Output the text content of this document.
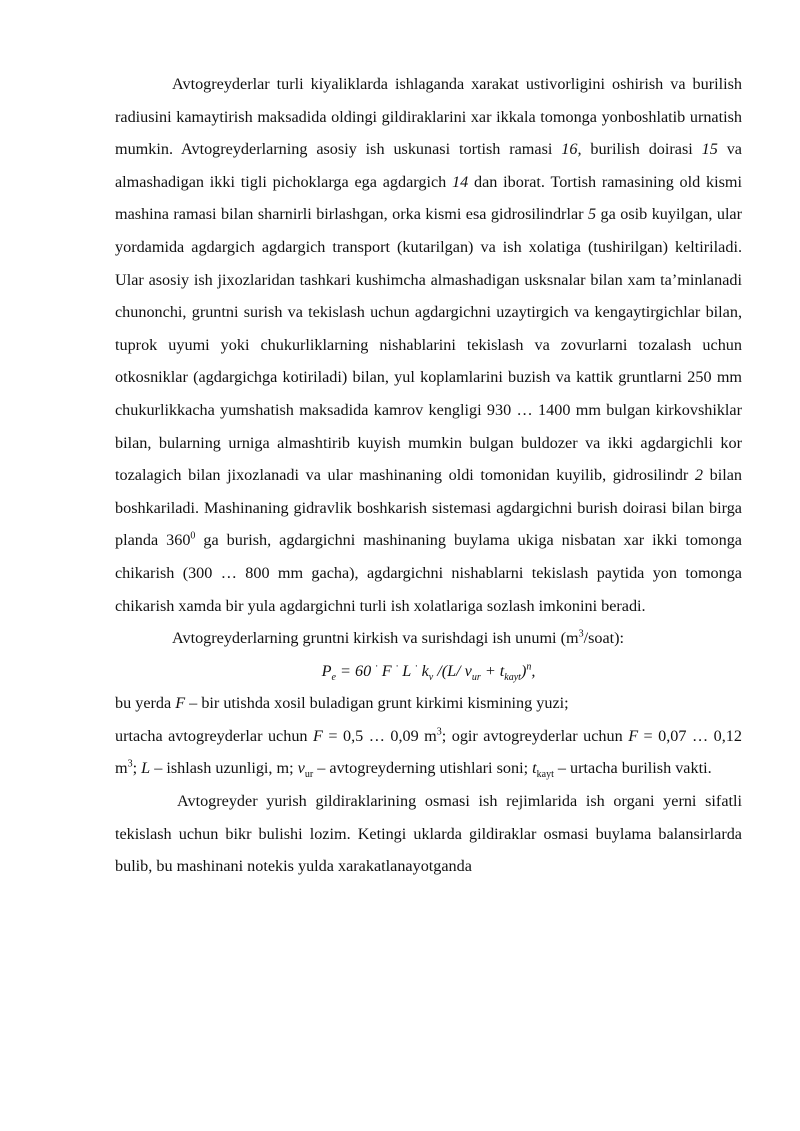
Avtogreyderlar turli kiyaliklarda ishlaganda xarakat ustivorligini oshirish va burilish radiusini kamaytirish maksadida oldingi gildiraklarini xar ikkala tomonga yonboshlatib urnatish mumkin. Avtogreyderlarning asosiy ish uskunasi tortish ramasi 16, burilish doirasi 15 va almashadigan ikki tigli pichoklarga ega agdargich 14 dan iborat. Tortish ramasining old kismi mashina ramasi bilan sharnirli birlashgan, orka kismi esa gidrosilindrlar 5 ga osib kuyilgan, ular yordamida agdargich agdargich transport (kutarilgan) va ish xolatiga (tushirilgan) keltiriladi. Ular asosiy ish jixozlaridan tashkari kushimcha almashadigan usksnalar bilan xam ta’minlanadi chunonchi, gruntni surish va tekislash uchun agdargichni uzaytirgich va kengaytirgichlar bilan, tuprok uyumi yoki chukurliklarning nishablarini tekislash va zovurlarni tozalash uchun otkosniklar (agdargichga kotiriladi) bilan, yul koplamlarini buzish va kattik gruntlarni 250 mm chukurlikkacha yumshatish maksadida kamrov kengligi 930 … 1400 mm bulgan kirkovshiklar bilan, bularning urniga almashtirib kuyish mumkin bulgan buldozer va ikki agdargichli kor tozalagich bilan jixozlanadi va ular mashinaning oldi tomonidan kuyilib, gidrosilindr 2 bilan boshkariladi. Mashinaning gidravlik boshkarish sistemasi agdargichni burish doirasi bilan birga planda $360^0$ ga burish, agdargichni mashinaning buylama ukiga nisbatan xar ikki tomonga chikarish (300 … 800 mm gacha), agdargichni nishablarni tekislash paytida yon tomonga chikarish xamda bir yula agdargichni turli ish xolatlariga sozlash imkonini beradi.

Avtogreyderlarning gruntni kirkish va surishdagi ish unumi $(m^3/soat)$:

$P_e = 60$ · F · L · $k_v$ /(L/ $v_{ur} + t_{kayt})^n$,

bu yerda F – bir utishda xosil buladigan grunt kirkimi kismining yuzi;

urtacha avtogreyderlar uchun F = 0,5 … 0,09 $m^3$; ogir avtogreyderlar uchun F = 0,07 … 0,12 $m^3$; L – ishlash uzunligi, m; $v_{ur}$ – avtogreyderning utishlari soni; $t_{kayt}$ – urtacha burilish vakti.

Avtogreyder yurish gildiraklarining osmasi ish rejimlarida ish organi yerni sifatli tekislash uchun bikr bulishi lozim. Ketingi uklarda gildiraklar osmasi buylama balansirlarda bulib, bu mashinani notekis yulda xarakatlanayotganda
